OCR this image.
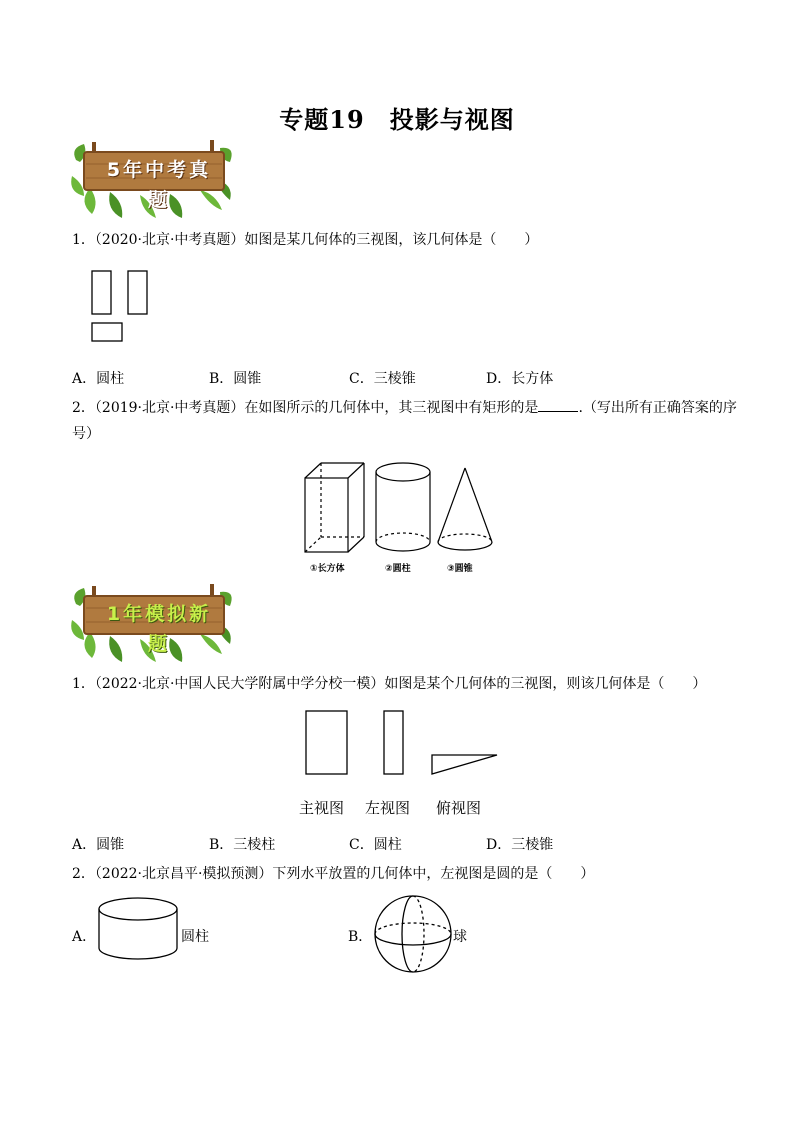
专题19　投影与视图
5年中考真题
1．（2020·北京·中考真题）如图是某几何体的三视图，该几何体是（　　）
A．圆柱	B．圆锥	C．三棱锥	D．长方体
2．（2019·北京·中考真题）在如图所示的几何体中，其三视图中有矩形的是	.（写出所有正确答案的序
号）
①长方体	②圆柱	③圆锥
1年模拟新题
1．（2022·北京·中国人民大学附属中学分校一模）如图是某个几何体的三视图，则该几何体是（　　）
主视图 左视图 俯视图
A．圆锥	B．三棱柱	C．圆柱	D．三棱锥
2．（2022·北京昌平·模拟预测）下列水平放置的几何体中，左视图是圆的是（　　）
A．	圆柱	B．	球
